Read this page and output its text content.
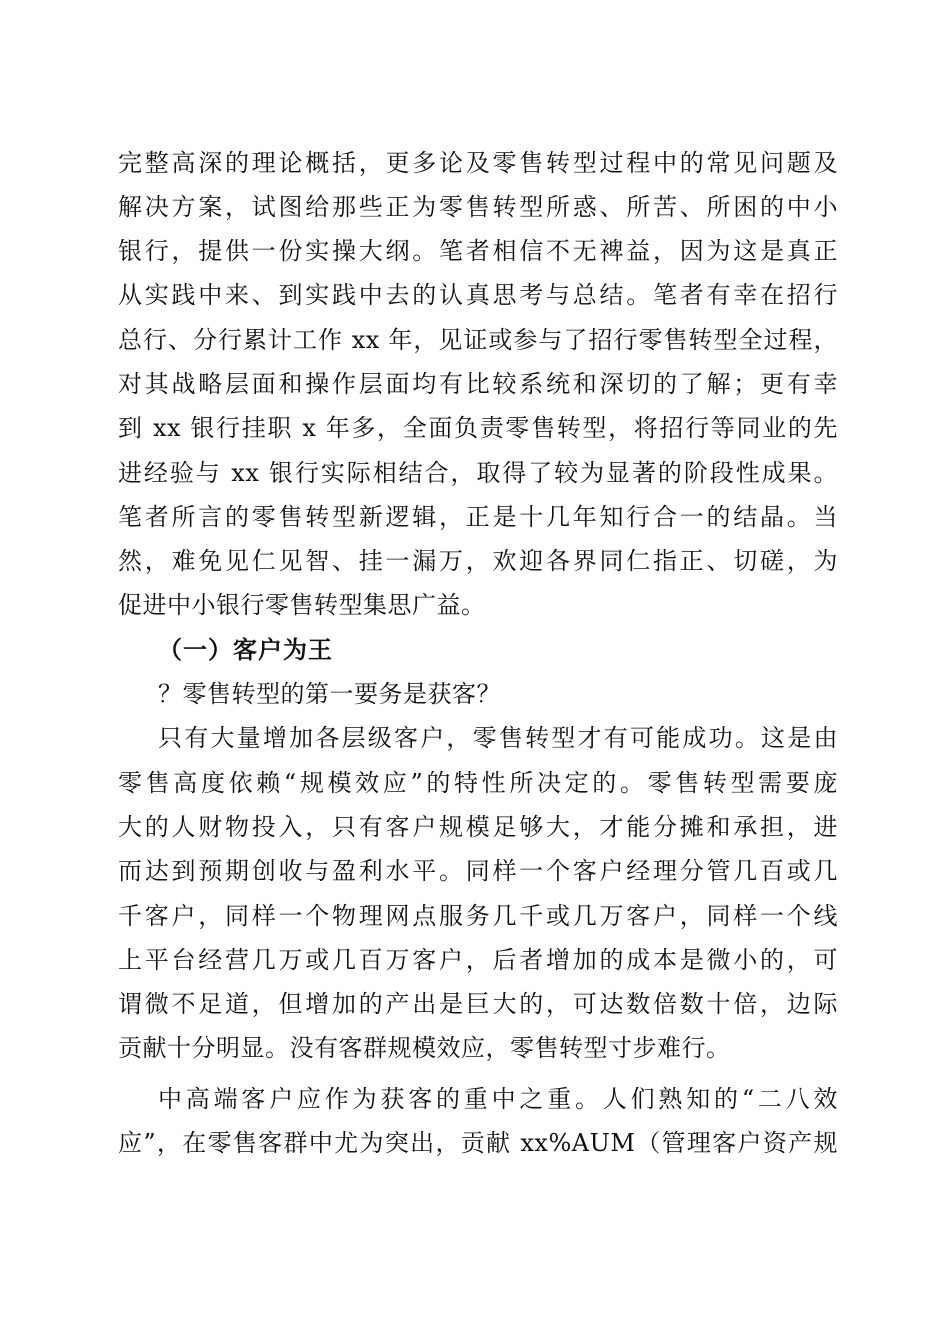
完整高深的理论概括，更多论及零售转型过程中的常见问题及
解决方案，试图给那些正为零售转型所惑、所苦、所困的中小
银行，提供一份实操大纲。笔者相信不无裨益，因为这是真正
从实践中来、到实践中去的认真思考与总结。笔者有幸在招行
总行、分行累计工作 xx 年，见证或参与了招行零售转型全过程，
对其战略层面和操作层面均有比较系统和深切的了解；更有幸
到 xx 银行挂职 x 年多，全面负责零售转型，将招行等同业的先
进经验与 xx 银行实际相结合，取得了较为显著的阶段性成果。
笔者所言的零售转型新逻辑，正是十几年知行合一的结晶。当
然，难免见仁见智、挂一漏万，欢迎各界同仁指正、切磋，为
促进中小银行零售转型集思广益。
（一）客户为王
？零售转型的第一要务是获客？
只有大量增加各层级客户，零售转型才有可能成功。这是由
零售高度依赖“规模效应”的特性所决定的。零售转型需要庞
大的人财物投入，只有客户规模足够大，才能分摊和承担，进
而达到预期创收与盈利水平。同样一个客户经理分管几百或几
千客户，同样一个物理网点服务几千或几万客户，同样一个线
上平台经营几万或几百万客户，后者增加的成本是微小的，可
谓微不足道，但增加的产出是巨大的，可达数倍数十倍，边际
贡献十分明显。没有客群规模效应，零售转型寸步难行。
中高端客户应作为获客的重中之重。人们熟知的“二八效
应”，在零售客群中尤为突出，贡献 xx%AUM（管理客户资产规
